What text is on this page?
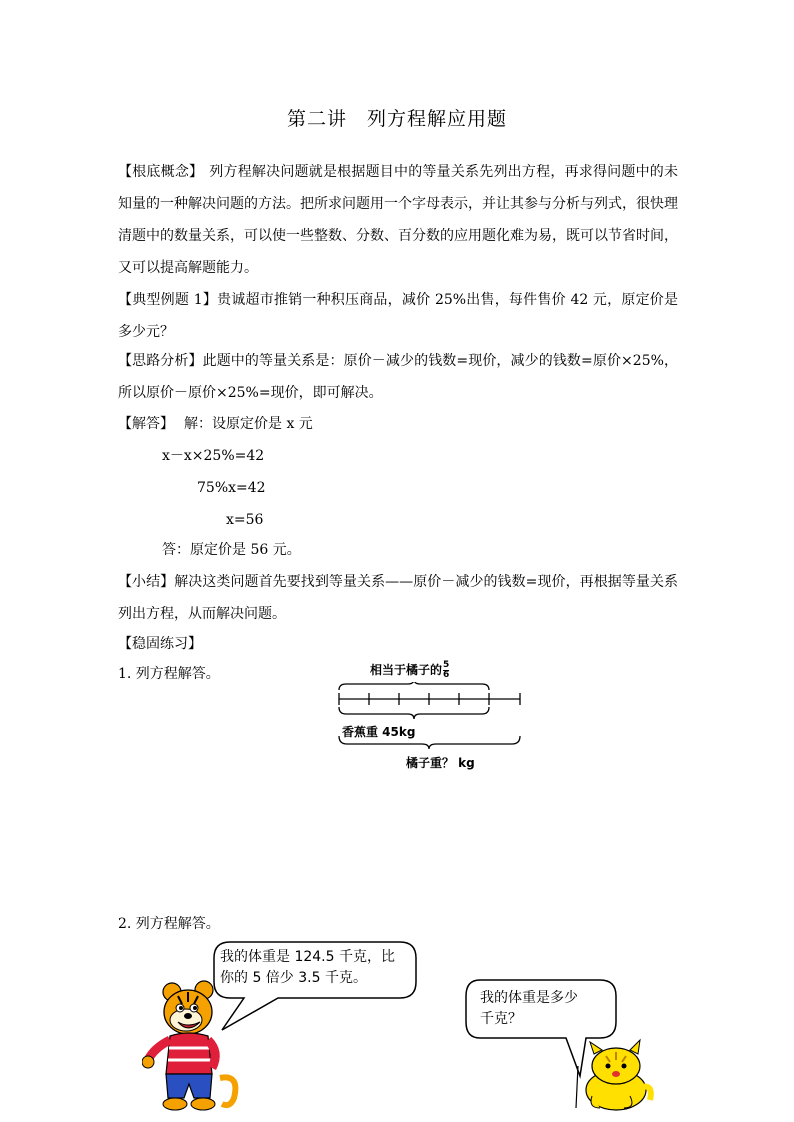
第二讲　列方程解应用题
【根底概念】 列方程解决问题就是根据题目中的等量关系先列出方程，再求得问题中的未知量的一种解决问题的方法。把所求问题用一个字母表示，并让其参与分析与列式，很快理清题中的数量关系，可以使一些整数、分数、百分数的应用题化难为易，既可以节省时间，又可以提高解题能力。
【典型例题 1】贵诚超市推销一种积压商品，减价 25%出售，每件售价 42 元，原定价是多少元？
【思路分析】此题中的等量关系是：原价－减少的钱数=现价，减少的钱数=原价×25%，所以原价－原价×25%=现价，即可解决。
【解答】 解：设原定价是 x 元
x－x×25%=42
75%x=42
x=56
答：原定价是 56 元。
【小结】解决这类问题首先要找到等量关系——原价－减少的钱数=现价，再根据等量关系列出方程，从而解决问题。
【稳固练习】
1. 列方程解答。	相当于橘子的 $\frac{5}{6}$
香蕉重 45kg
橘子重？ kg
2. 列方程解答。
我的体重是 124.5 千克，比
你的 5 倍少 3.5 千克。
我的体重是多少
千克？
